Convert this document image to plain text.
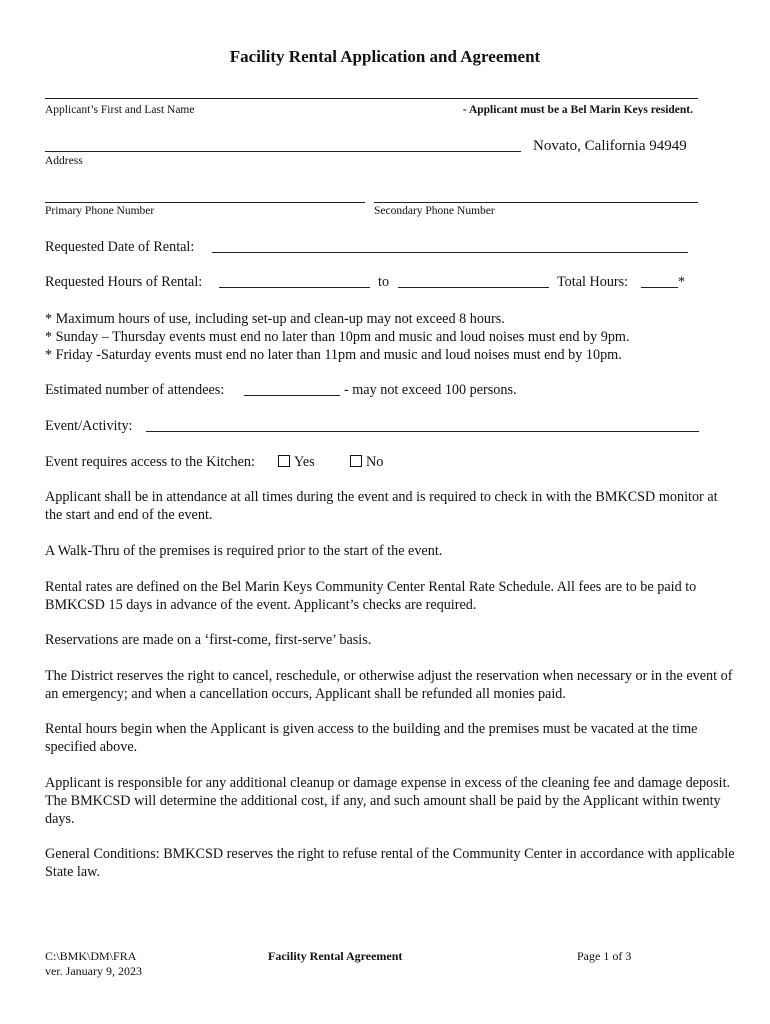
Facility Rental Application and Agreement
Applicant’s First and Last Name	- Applicant must be a Bel Marin Keys resident.
Novato, California 94949
Address
Primary Phone Number	Secondary Phone Number
Requested Date of Rental:
Requested Hours of Rental:	to	Total Hours:	*
* Maximum hours of use, including set-up and clean-up may not exceed 8 hours.
* Sunday – Thursday events must end no later than 10pm and music and loud noises must end by 9pm.
* Friday -Saturday events must end no later than 11pm and music and loud noises must end by 10pm.
Estimated number of attendees:	- may not exceed 100 persons.
Event/Activity:
Event requires access to the Kitchen:	Yes	No
Applicant shall be in attendance at all times during the event and is required to check in with the BMKCSD monitor at the start and end of the event.
A Walk-Thru of the premises is required prior to the start of the event.
Rental rates are defined on the Bel Marin Keys Community Center Rental Rate Schedule. All fees are to be paid to BMKCSD 15 days in advance of the event. Applicant’s checks are required.
Reservations are made on a ‘first-come, first-serve’ basis.
The District reserves the right to cancel, reschedule, or otherwise adjust the reservation when necessary or in the event of an emergency; and when a cancellation occurs, Applicant shall be refunded all monies paid.
Rental hours begin when the Applicant is given access to the building and the premises must be vacated at the time specified above.
Applicant is responsible for any additional cleanup or damage expense in excess of the cleaning fee and damage deposit. The BMKCSD will determine the additional cost, if any, and such amount shall be paid by the Applicant within twenty days.
General Conditions: BMKCSD reserves the right to refuse rental of the Community Center in accordance with applicable State law.
C:\BMK\DM\FRA
ver. January 9, 2023
Facility Rental Agreement	Page 1 of 3
